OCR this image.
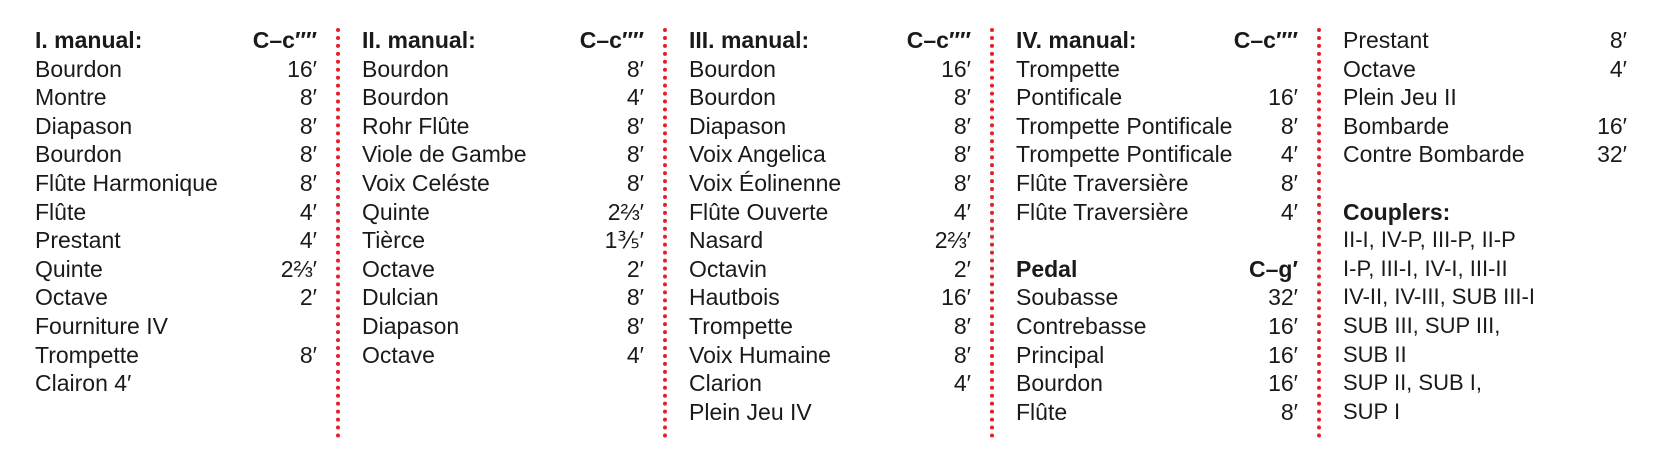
I. manual:	C–c′′′′
Bourdon	16′
Montre	8′
Diapason	8′
Bourdon	8′
Flûte Harmonique	8′
Flûte	4′
Prestant	4′
Quinte	2⅔′
Octave	2′
Fourniture IV
Trompette	8′
Clairon 4′
II. manual:	C–c′′′′
Bourdon	8′
Bourdon	4′
Rohr Flûte	8′
Viole de Gambe	8′
Voix Celéste	8′
Quinte	2⅔′
Tièrce	1⅗′
Octave	2′
Dulcian	8′
Diapason	8′
Octave	4′
III. manual:	C–c′′′′
Bourdon	16′
Bourdon	8′
Diapason	8′
Voix Angelica	8′
Voix Éolinenne	8′
Flûte Ouverte	4′
Nasard	2⅔′
Octavin	2′
Hautbois	16′
Trompette	8′
Voix Humaine	8′
Clarion	4′
Plein Jeu IV
IV. manual:	C–c′′′′
Trompette
Pontificale	16′
Trompette Pontificale 8′
Trompette Pontificale 4′
Flûte Traversière	8′
Flûte Traversière	4′
Pedal	C–g′
Soubasse	32′
Contrebasse	16′
Principal	16′
Bourdon	16′
Flûte	8′
Prestant	8′
Octave	4′
Plein Jeu II
Bombarde	16′
Contre Bombarde	32′
Couplers:
II-I, IV-P, III-P, II-P
I-P, III-I, IV-I, III-II
IV-II, IV-III, SUB III-I
SUB III, SUP III,
SUB II
SUP II, SUB I,
SUP I
